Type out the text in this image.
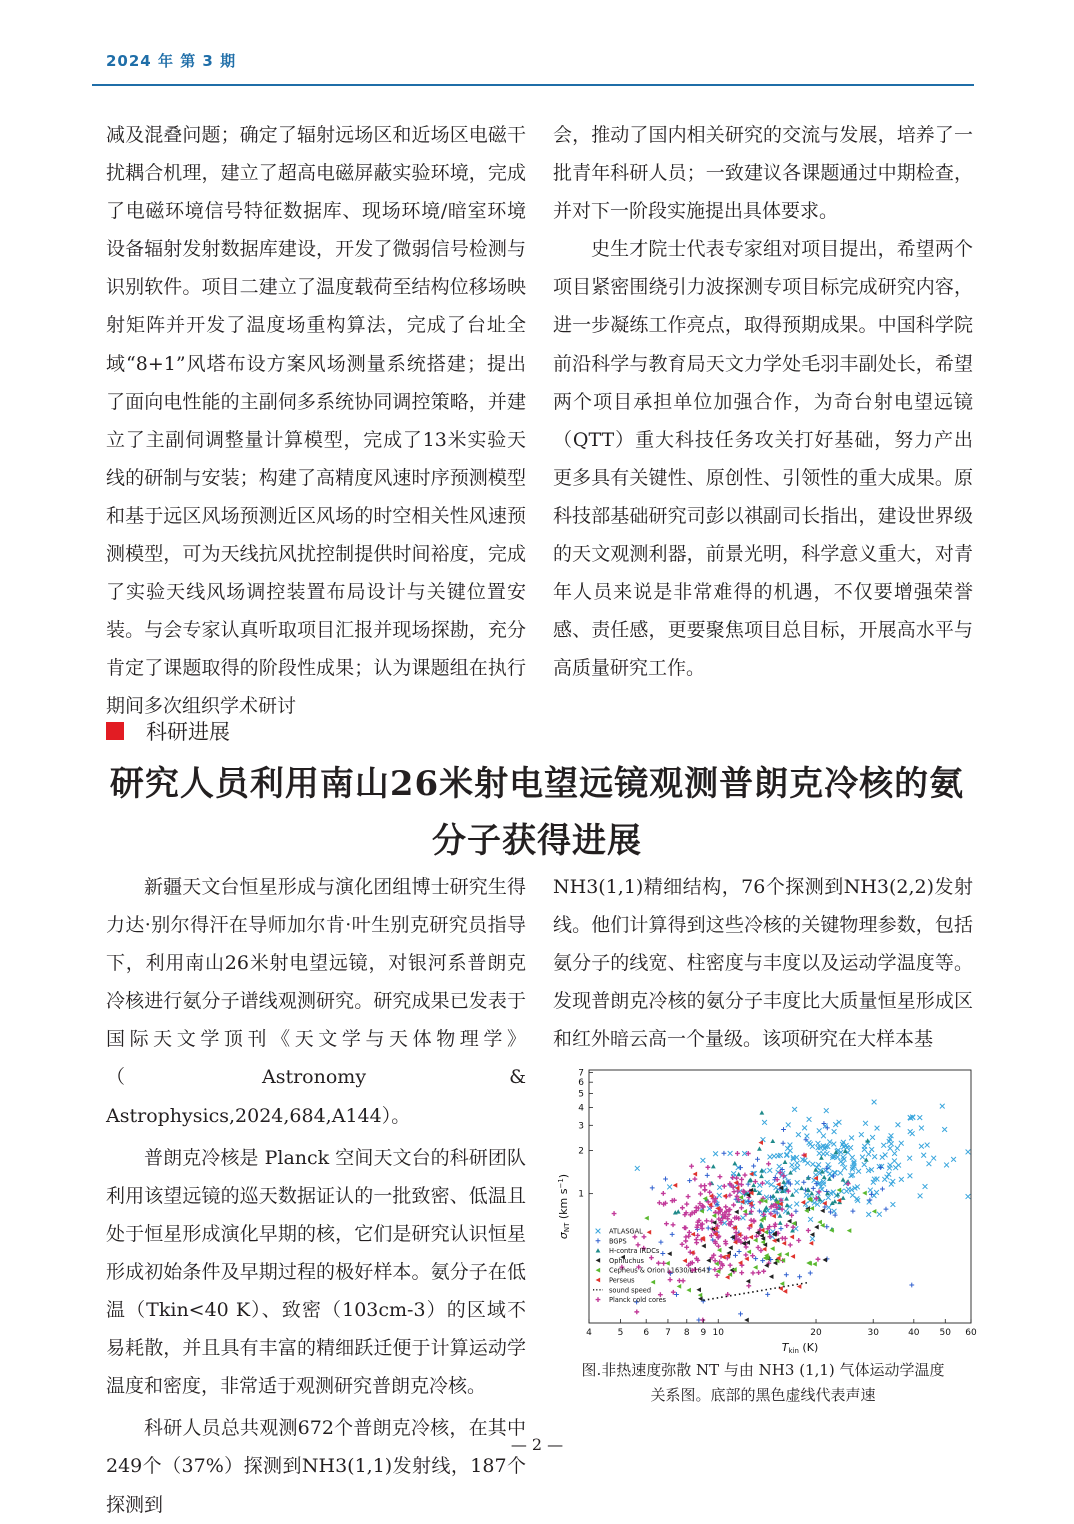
2024 年 第 3 期

减及混叠问题；确定了辐射远场区和近场区电磁干扰耦合机理，建立了超高电磁屏蔽实验环境，完成了电磁环境信号特征数据库、现场环境/暗室环境设备辐射发射数据库建设，开发了微弱信号检测与识别软件。项目二建立了温度载荷至结构位移场映射矩阵并开发了温度场重构算法，完成了台址全域“8+1”风塔布设方案风场测量系统搭建；提出了面向电性能的主副伺多系统协同调控策略，并建立了主副伺调整量计算模型，完成了13米实验天线的研制与安装；构建了高精度风速时序预测模型和基于远区风场预测近区风场的时空相关性风速预测模型，可为天线抗风扰控制提供时间裕度，完成了实验天线风场调控装置布局设计与关键位置安装。与会专家认真听取项目汇报并现场探勘，充分肯定了课题取得的阶段性成果；认为课题组在执行期间多次组织学术研讨

会，推动了国内相关研究的交流与发展，培养了一批青年科研人员；一致建议各课题通过中期检查，并对下一阶段实施提出具体要求。

史生才院士代表专家组对项目提出，希望两个项目紧密围绕引力波探测专项目标完成研究内容，进一步凝练工作亮点，取得预期成果。中国科学院前沿科学与教育局天文力学处毛羽丰副处长，希望两个项目承担单位加强合作，为奇台射电望远镜（QTT）重大科技任务攻关打好基础，努力产出更多具有关键性、原创性、引领性的重大成果。原科技部基础研究司彭以祺副司长指出，建设世界级的天文观测利器，前景光明，科学意义重大，对青年人员来说是非常难得的机遇，不仅要增强荣誉感、责任感，更要聚焦项目总目标，开展高水平与高质量研究工作。

科研进展
研究人员利用南山26米射电望远镜观测普朗克冷核的氨
分子获得进展

新疆天文台恒星形成与演化团组博士研究生得力达·别尔得汗在导师加尔肯·叶生别克研究员指导下，利用南山26米射电望远镜，对银河系普朗克冷核进行氨分子谱线观测研究。研究成果已发表于国际天文学顶刊《天文学与天体物理学》（Astronomy & Astrophysics,2024,684,A144）。

普朗克冷核是 Planck 空间天文台的科研团队利用该望远镜的巡天数据证认的一批致密、低温且处于恒星形成演化早期的核，它们是研究认识恒星形成初始条件及早期过程的极好样本。氨分子在低温（Tkin<40 K）、致密（103cm-3）的区域不易耗散，并且具有丰富的精细跃迁便于计算运动学温度和密度，非常适于观测研究普朗克冷核。

科研人员总共观测672个普朗克冷核，在其中249个（37%）探测到NH3(1,1)发射线，187个探测到

NH3(1,1)精细结构，76个探测到NH3(2,2)发射线。他们计算得到这些冷核的关键物理参数，包括氨分子的线宽、柱密度与丰度以及运动学温度等。发现普朗克冷核的氨分子丰度比大质量恒星形成区和红外暗云高一个量级。该项研究在大样本基

4	5 6 7 8 9 10	20	30	40 50 60
1
2
3
4
5
6
7
ATLASGAL
BGPS
H-contra IRDCs
Ophiuchus
Cepheus & Orion L1630/L1641
Perseus
sound speed
Planck cold cores
σNT (km $s^{-1}$)
Tkin (K)
图.非热速度弥散 NT 与由 NH3 (1,1) 气体运动学温度
关系图。底部的黑色虚线代表声速
— 2 —
